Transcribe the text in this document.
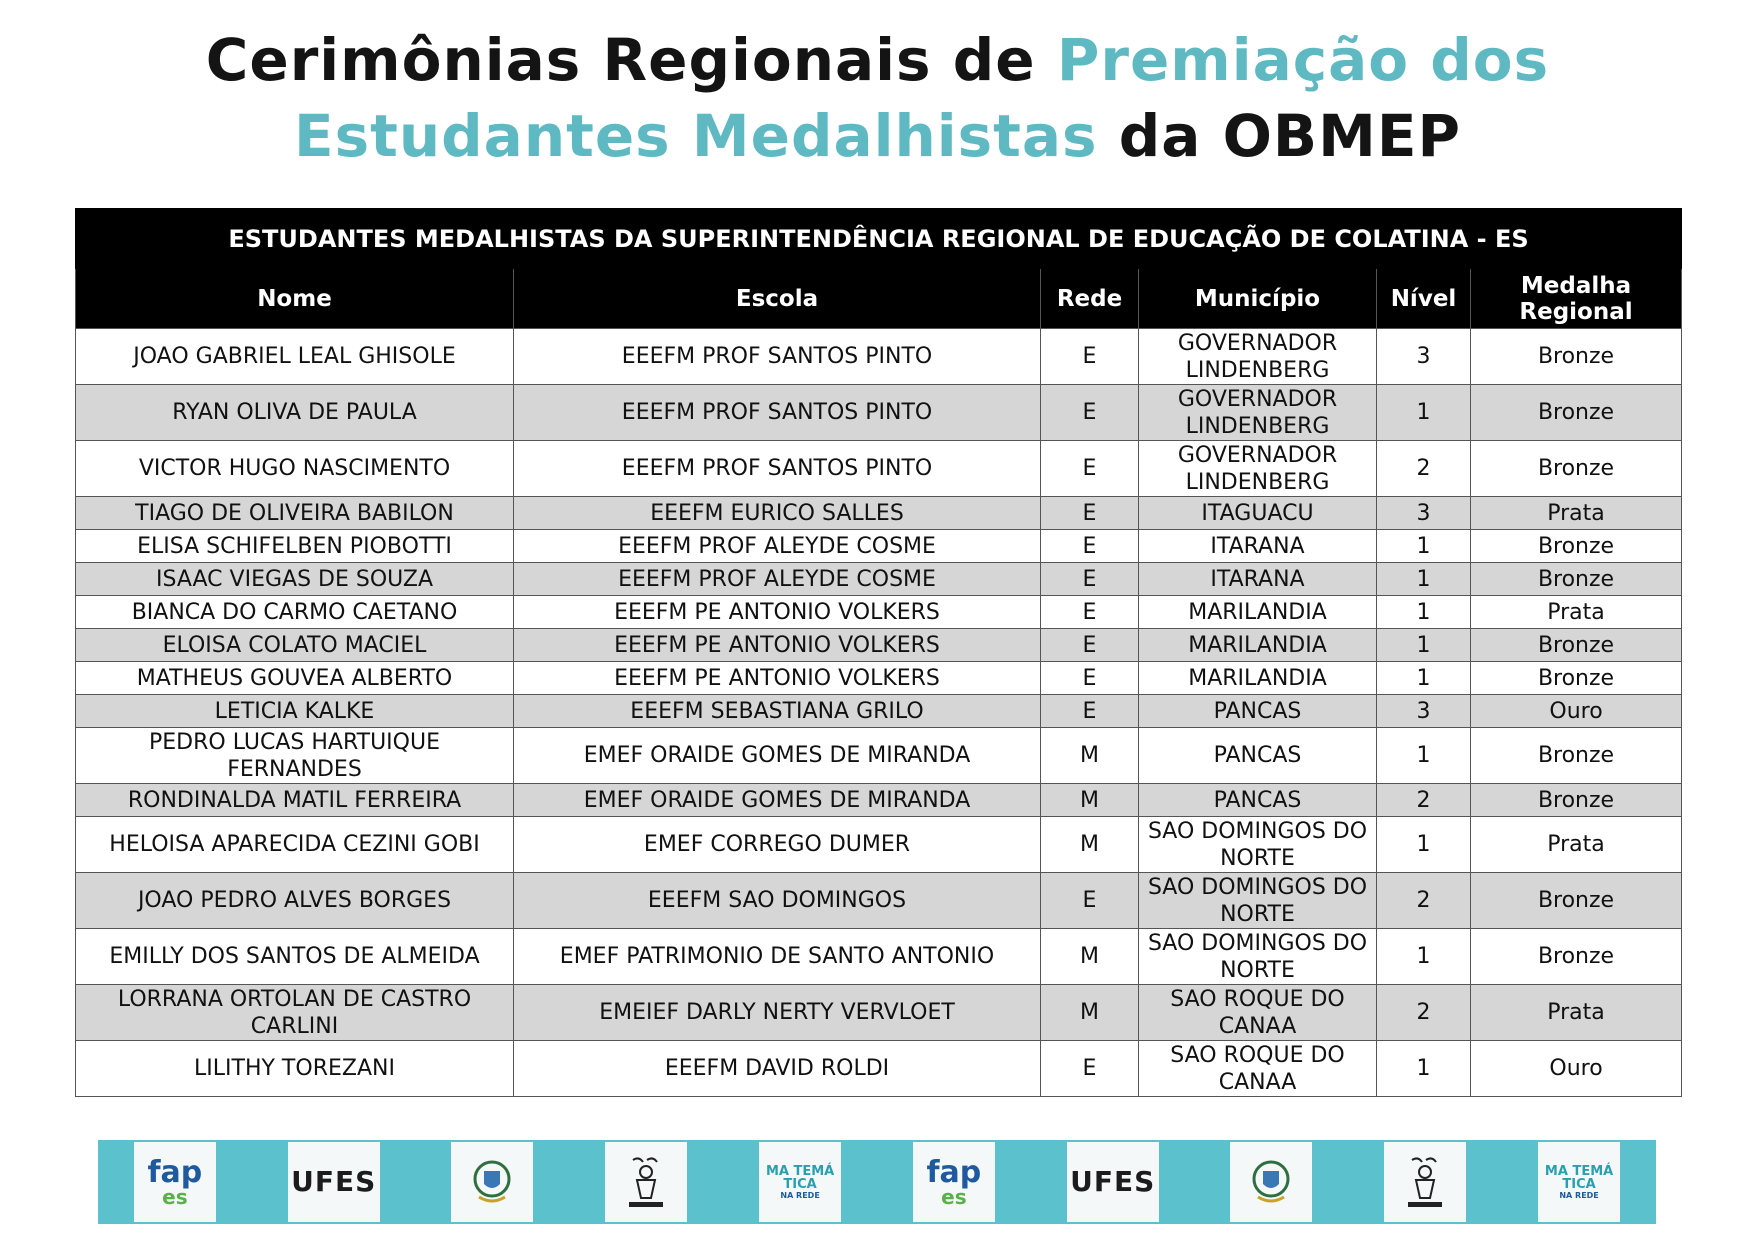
Cerimônias Regionais de Premiação dos
Estudantes Medalhistas da OBMEP
ESTUDANTES MEDALHISTAS DA SUPERINTENDÊNCIA REGIONAL DE EDUCAÇÃO DE COLATINA - ES					
Nome	Escola	Rede	Município	Nível	Medalha Regional
JOAO GABRIEL LEAL GHISOLE	EEEFM PROF SANTOS PINTO	E	GOVERNADOR LINDENBERG	3	Bronze
RYAN OLIVA DE PAULA	EEEFM PROF SANTOS PINTO	E	GOVERNADOR LINDENBERG	1	Bronze
VICTOR HUGO NASCIMENTO	EEEFM PROF SANTOS PINTO	E	GOVERNADOR LINDENBERG	2	Bronze
TIAGO DE OLIVEIRA BABILON	EEEFM EURICO SALLES	E	ITAGUACU	3	Prata
ELISA SCHIFELBEN PIOBOTTI	EEEFM PROF ALEYDE COSME	E	ITARANA	1	Bronze
ISAAC VIEGAS DE SOUZA	EEEFM PROF ALEYDE COSME	E	ITARANA	1	Bronze
BIANCA DO CARMO CAETANO	EEEFM PE ANTONIO VOLKERS	E	MARILANDIA	1	Prata
ELOISA COLATO MACIEL	EEEFM PE ANTONIO VOLKERS	E	MARILANDIA	1	Bronze
MATHEUS GOUVEA ALBERTO	EEEFM PE ANTONIO VOLKERS	E	MARILANDIA	1	Bronze
LETICIA KALKE	EEEFM SEBASTIANA GRILO	E	PANCAS	3	Ouro
PEDRO LUCAS HARTUIQUE FERNANDES	EMEF ORAIDE GOMES DE MIRANDA	M	PANCAS	1	Bronze
RONDINALDA MATIL FERREIRA	EMEF ORAIDE GOMES DE MIRANDA	M	PANCAS	2	Bronze
HELOISA APARECIDA CEZINI GOBI	EMEF CORREGO DUMER	M	SAO DOMINGOS DO NORTE	1	Prata
JOAO PEDRO ALVES BORGES	EEEFM SAO DOMINGOS	E	SAO DOMINGOS DO NORTE	2	Bronze
EMILLY DOS SANTOS DE ALMEIDA	EMEF PATRIMONIO DE SANTO ANTONIO	M	SAO DOMINGOS DO NORTE	1	Bronze
LORRANA ORTOLAN DE CASTRO CARLINI	EMEIEF DARLY NERTY VERVLOET	M	SAO ROQUE DO CANAA	2	Prata
LILITHY TOREZANI	EEEFM DAVID ROLDI	E	SAO ROQUE DO CANAA	1	Ouro
fap
es	UFES	MA TEMÁ TICA
NA REDE
fap
es	UFES	MA TEMÁ TICA
NA REDE
